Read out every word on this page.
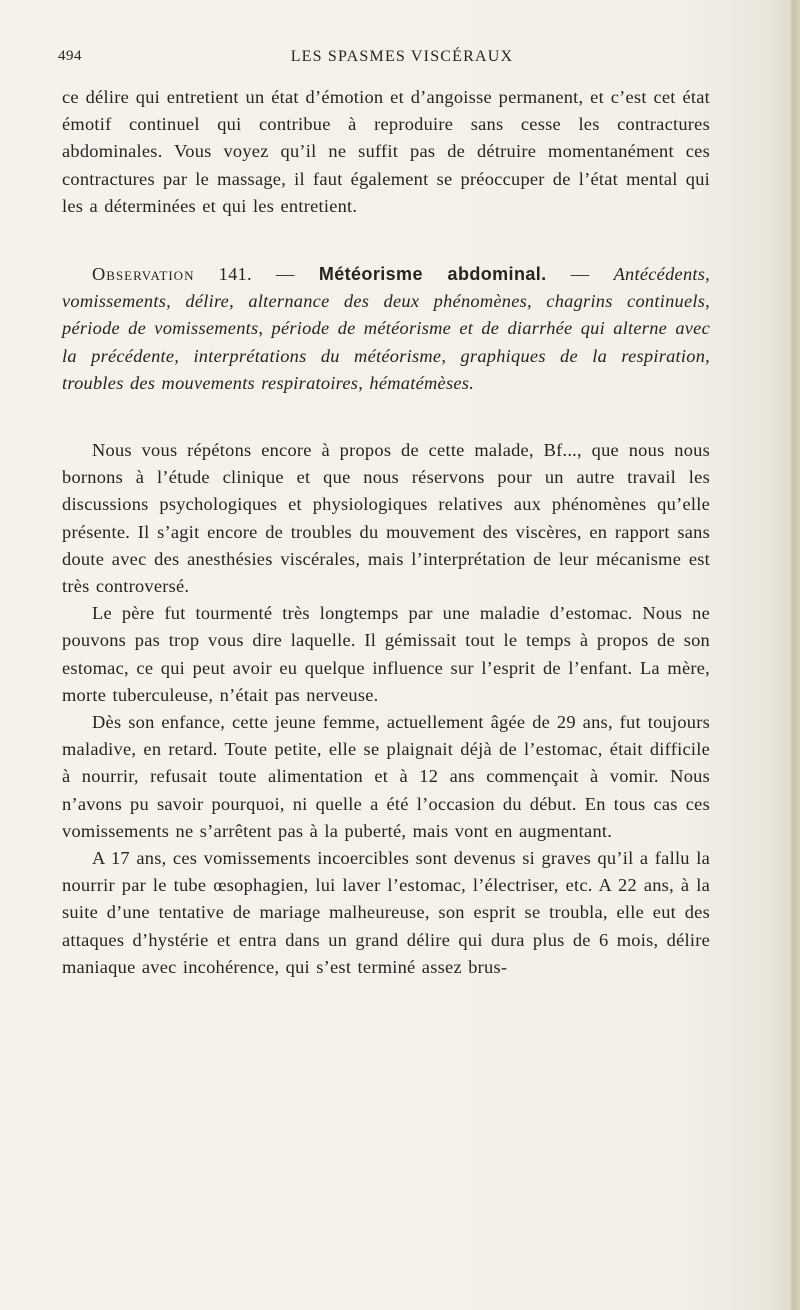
494	LES SPASMES VISCÉRAUX

ce délire qui entretient un état d’émotion et d’angoisse permanent, et c’est cet état émotif continuel qui contribue à reproduire sans cesse les contractures abdominales. Vous voyez qu’il ne suffit pas de détruire momentanément ces contractures par le massage, il faut également se préoccuper de l’état mental qui les a déterminées et qui les entretient.

Observation 141. — Météorisme abdominal. — Antécédents, vomissements, délire, alternance des deux phénomènes, chagrins continuels, période de vomissements, période de météorisme et de diarrhée qui alterne avec la précédente, interprétations du météorisme, graphiques de la respiration, troubles des mouvements respiratoires, hématémèses.

Nous vous répétons encore à propos de cette malade, Bf..., que nous nous bornons à l’étude clinique et que nous réservons pour un autre travail les discussions psychologiques et physiologiques relatives aux phénomènes qu’elle présente. Il s’agit encore de troubles du mouvement des viscères, en rapport sans doute avec des anesthésies viscérales, mais l’interprétation de leur mécanisme est très controversé.

Le père fut tourmenté très longtemps par une maladie d’estomac. Nous ne pouvons pas trop vous dire laquelle. Il gémissait tout le temps à propos de son estomac, ce qui peut avoir eu quelque influence sur l’esprit de l’enfant. La mère, morte tuberculeuse, n’était pas nerveuse.

Dès son enfance, cette jeune femme, actuellement âgée de 29 ans, fut toujours maladive, en retard. Toute petite, elle se plaignait déjà de l’estomac, était difficile à nourrir, refusait toute alimentation et à 12 ans commençait à vomir. Nous n’avons pu savoir pourquoi, ni quelle a été l’occasion du début. En tous cas ces vomissements ne s’arrêtent pas à la puberté, mais vont en augmentant.

A 17 ans, ces vomissements incoercibles sont devenus si graves qu’il a fallu la nourrir par le tube œsophagien, lui laver l’estomac, l’électriser, etc. A 22 ans, à la suite d’une tentative de mariage malheureuse, son esprit se troubla, elle eut des attaques d’hystérie et entra dans un grand délire qui dura plus de 6 mois, délire maniaque avec incohérence, qui s’est terminé assez brus-
